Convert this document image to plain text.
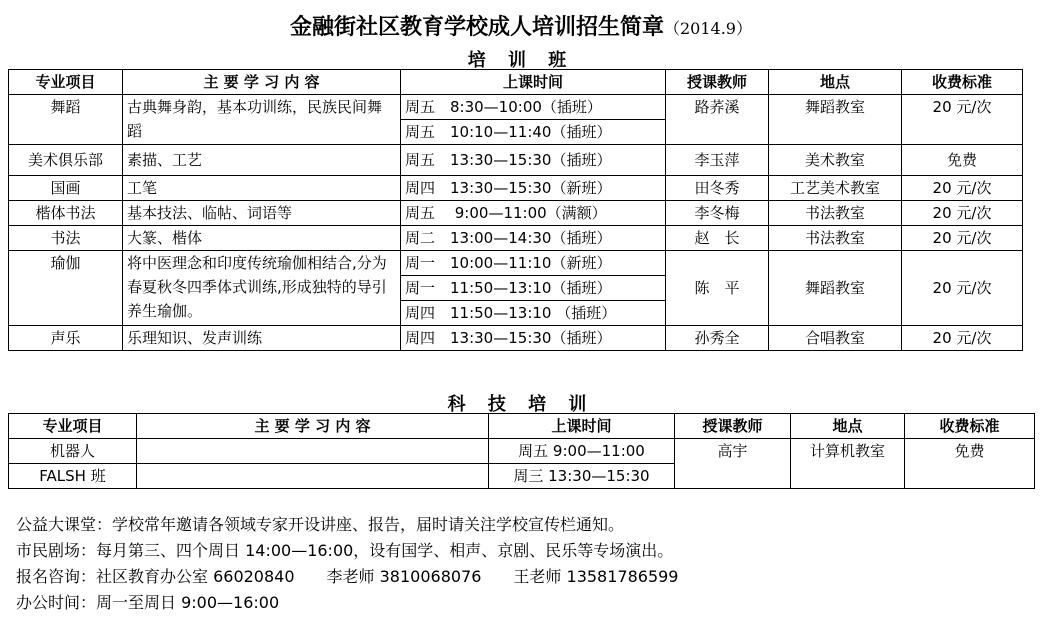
金融街社区教育学校成人培训招生简章（2014.9）
培 训 班
专业项目	主 要 学 习 内 容	上课时间	授课教师	地点	收费标准
舞蹈	古典舞身韵，基本功训练，民族民间舞蹈	周五　8:30—10:00（插班）	路荞溪	舞蹈教室	20 元/次
		周五　10:10—11:40（插班）			
美术俱乐部	素描、工艺	周五　13:30—15:30（插班）	李玉萍	美术教室	免费
国画	工笔	周四　13:30—15:30（新班）	田冬秀	工艺美术教室	20 元/次
楷体书法	基本技法、临帖、词语等	周五　 9:00—11:00（满额）	李冬梅	书法教室	20 元/次
书法	大篆、楷体	周二　13:00—14:30（插班）	赵　长	书法教室	20 元/次
瑜伽	将中医理念和印度传统瑜伽相结合,分为春夏秋冬四季体式训练,形成独特的导引养生瑜伽。	周一　10:00—11:10（新班）	陈　平	舞蹈教室	20 元/次
		周一　11:50—13:10（插班）			
		周四　11:50—13:10 （插班）			
声乐	乐理知识、发声训练	周四　13:30—15:30（插班）	孙秀全	合唱教室	20 元/次
科 技 培 训
专业项目	主 要 学 习 内 容	上课时间	授课教师	地点	收费标准
机器人		周五 9:00—11:00	高宇	计算机教室	免费
FALSH 班		周三 13:30—15:30			
公益大课堂：学校常年邀请各领域专家开设讲座、报告，届时请关注学校宣传栏通知。
市民剧场：每月第三、四个周日 14:00—16:00，设有国学、相声、京剧、民乐等专场演出。
报名咨询：社区教育办公室 66020840 李老师 3810068076 王老师 13581786599
办公时间：周一至周日 9:00—16:00
